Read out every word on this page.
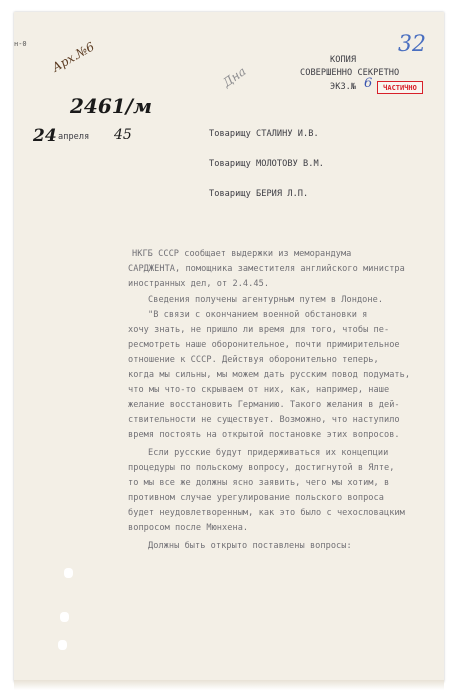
н-0 Арх.№6
Дна
32
КОПИЯ
СОВЕРШЕННО СЕКРЕТНО
ЧАСТИЧНО
ЭКЗ.№ 6
2461/м
24 апреля 45	Товарищу СТАЛИНУ И.В.
Товарищу МОЛОТОВУ В.М.
Товарищу БЕРИЯ Л.П.
НКГБ СССР сообщает выдержки из меморандума
САРДЖЕНТА, помощника заместителя английского министра
иностранных дел, от 2.4.45.
Сведения получены агентурным путем в Лондоне.
"В связи с окончанием военной обстановки я
хочу знать, не пришло ли время для того, чтобы пе-
ресмотреть наше оборонительное, почти примирительное
отношение к СССР. Действуя оборонительно теперь,
когда мы сильны, мы можем дать русским повод подумать,
что мы что-то скрываем от них, как, например, наше
желание восстановить Германию. Такого желания в дей-
ствительности не существует. Возможно, что наступило
время постоять на открытой постановке этих вопросов.
Если русские будут придерживаться их концепции
процедуры по польскому вопросу, достигнутой в Ялте,
то мы все же должны ясно заявить, чего мы хотим, в
противном случае урегулирование польского вопроса
будет неудовлетворенным, как это было с чехословацким
вопросом после Мюнхена.
Должны быть открыто поставлены вопросы:
